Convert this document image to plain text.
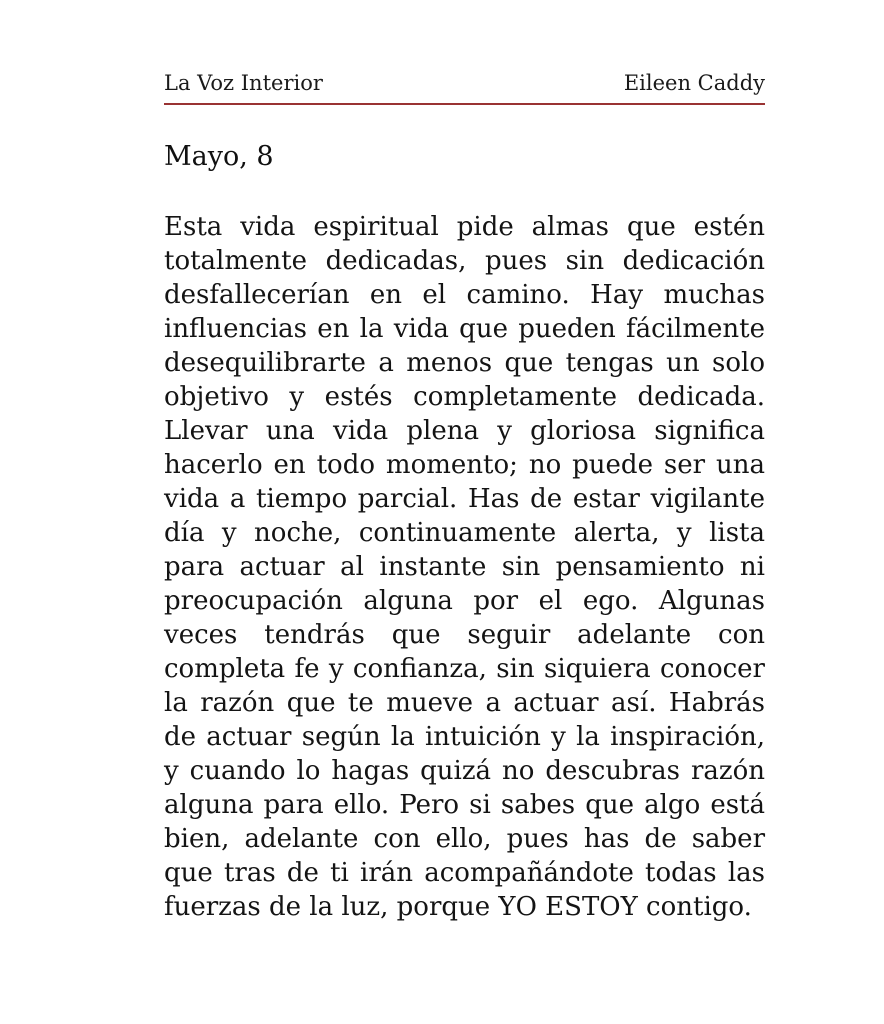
La Voz Interior	Eileen Caddy
Mayo, 8

Esta vida espiritual pide almas que estén totalmente dedicadas, pues sin dedicación desfallecerían en el camino. Hay muchas influencias en la vida que pueden fácilmente desequilibrarte a menos que tengas un solo objetivo y estés completamente dedicada. Llevar una vida plena y gloriosa significa hacerlo en todo momento; no puede ser una vida a tiempo parcial. Has de estar vigilante día y noche, continuamente alerta, y lista para actuar al instante sin pensamiento ni preocupación alguna por el ego. Algunas veces tendrás que seguir adelante con completa fe y confianza, sin siquiera conocer la razón que te mueve a actuar así. Habrás de actuar según la intuición y la inspiración, y cuando lo hagas quizá no descubras razón alguna para ello. Pero si sabes que algo está bien, adelante con ello, pues has de saber que tras de ti irán acompañándote todas las fuerzas de la luz, porque YO ESTOY contigo.
